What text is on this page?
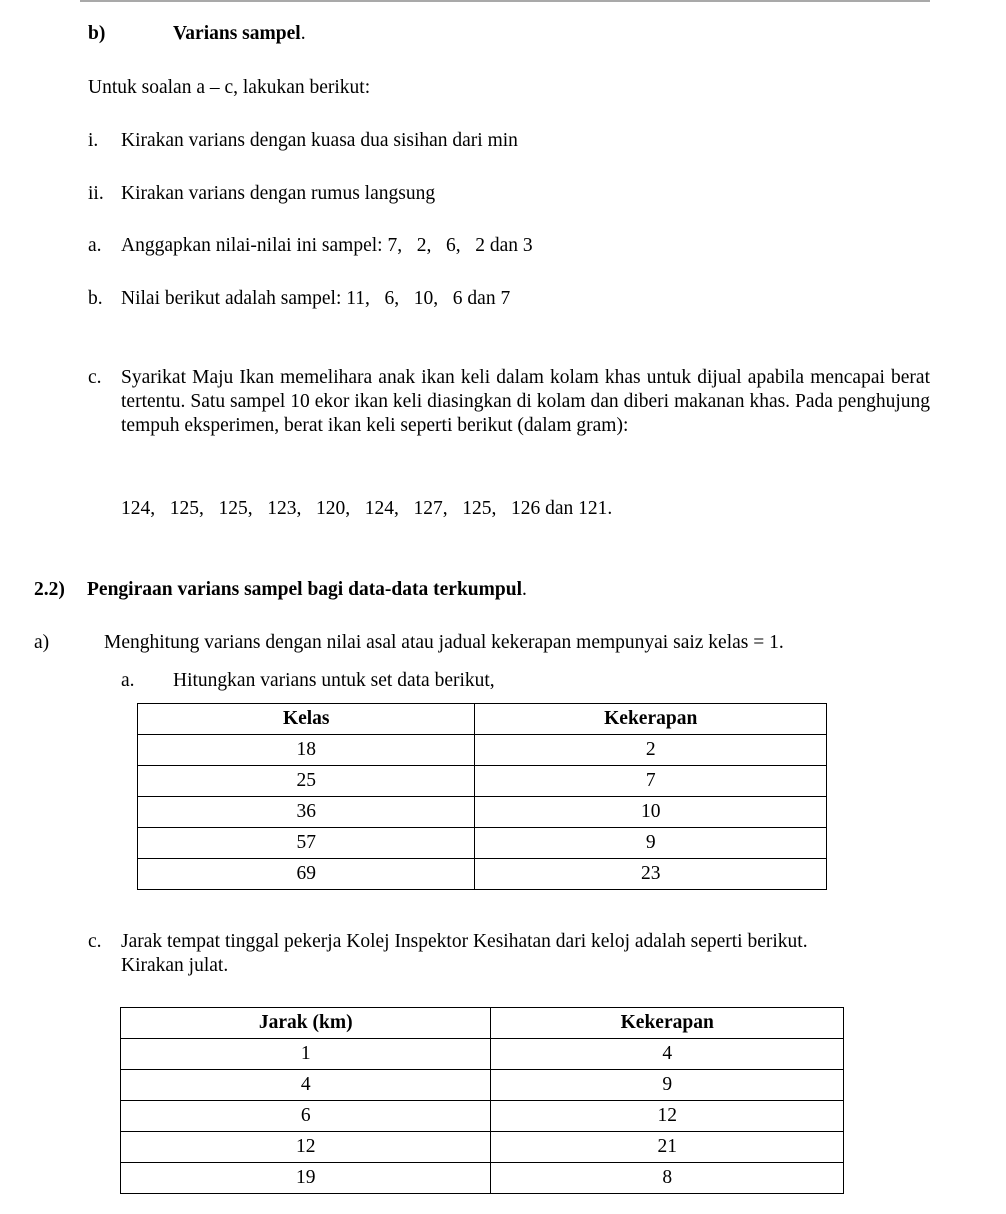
b)	Varians sampel.
Untuk soalan a – c, lakukan berikut:
i. Kirakan varians dengan kuasa dua sisihan dari min
ii. Kirakan varians dengan rumus langsung
a. Anggapkan nilai-nilai ini sampel: 7,   2,   6,   2 dan 3
b. Nilai berikut adalah sampel: 11,   6,   10,   6 dan 7
c. Syarikat Maju Ikan memelihara anak ikan keli dalam kolam khas untuk dijual apabila mencapai berat tertentu. Satu sampel 10 ekor ikan keli diasingkan di kolam dan diberi makanan khas. Pada penghujung tempuh eksperimen, berat ikan keli seperti berikut (dalam gram):
124,   125,   125,   123,   120,   124,   127,   125,   126 dan 121.
2.2) Pengiraan varians sampel bagi data-data terkumpul.
a)	Menghitung varians dengan nilai asal atau jadual kekerapan mempunyai saiz kelas = 1.
a. Hitungkan varians untuk set data berikut,
Kelas	Kekerapan
18	2
25	7
36	10
57	9
69	23
c. Jarak tempat tinggal pekerja Kolej Inspektor Kesihatan dari keloj adalah seperti berikut.
Kirakan julat.
Jarak (km)	Kekerapan
1	4
4	9
6	12
12	21
19	8
